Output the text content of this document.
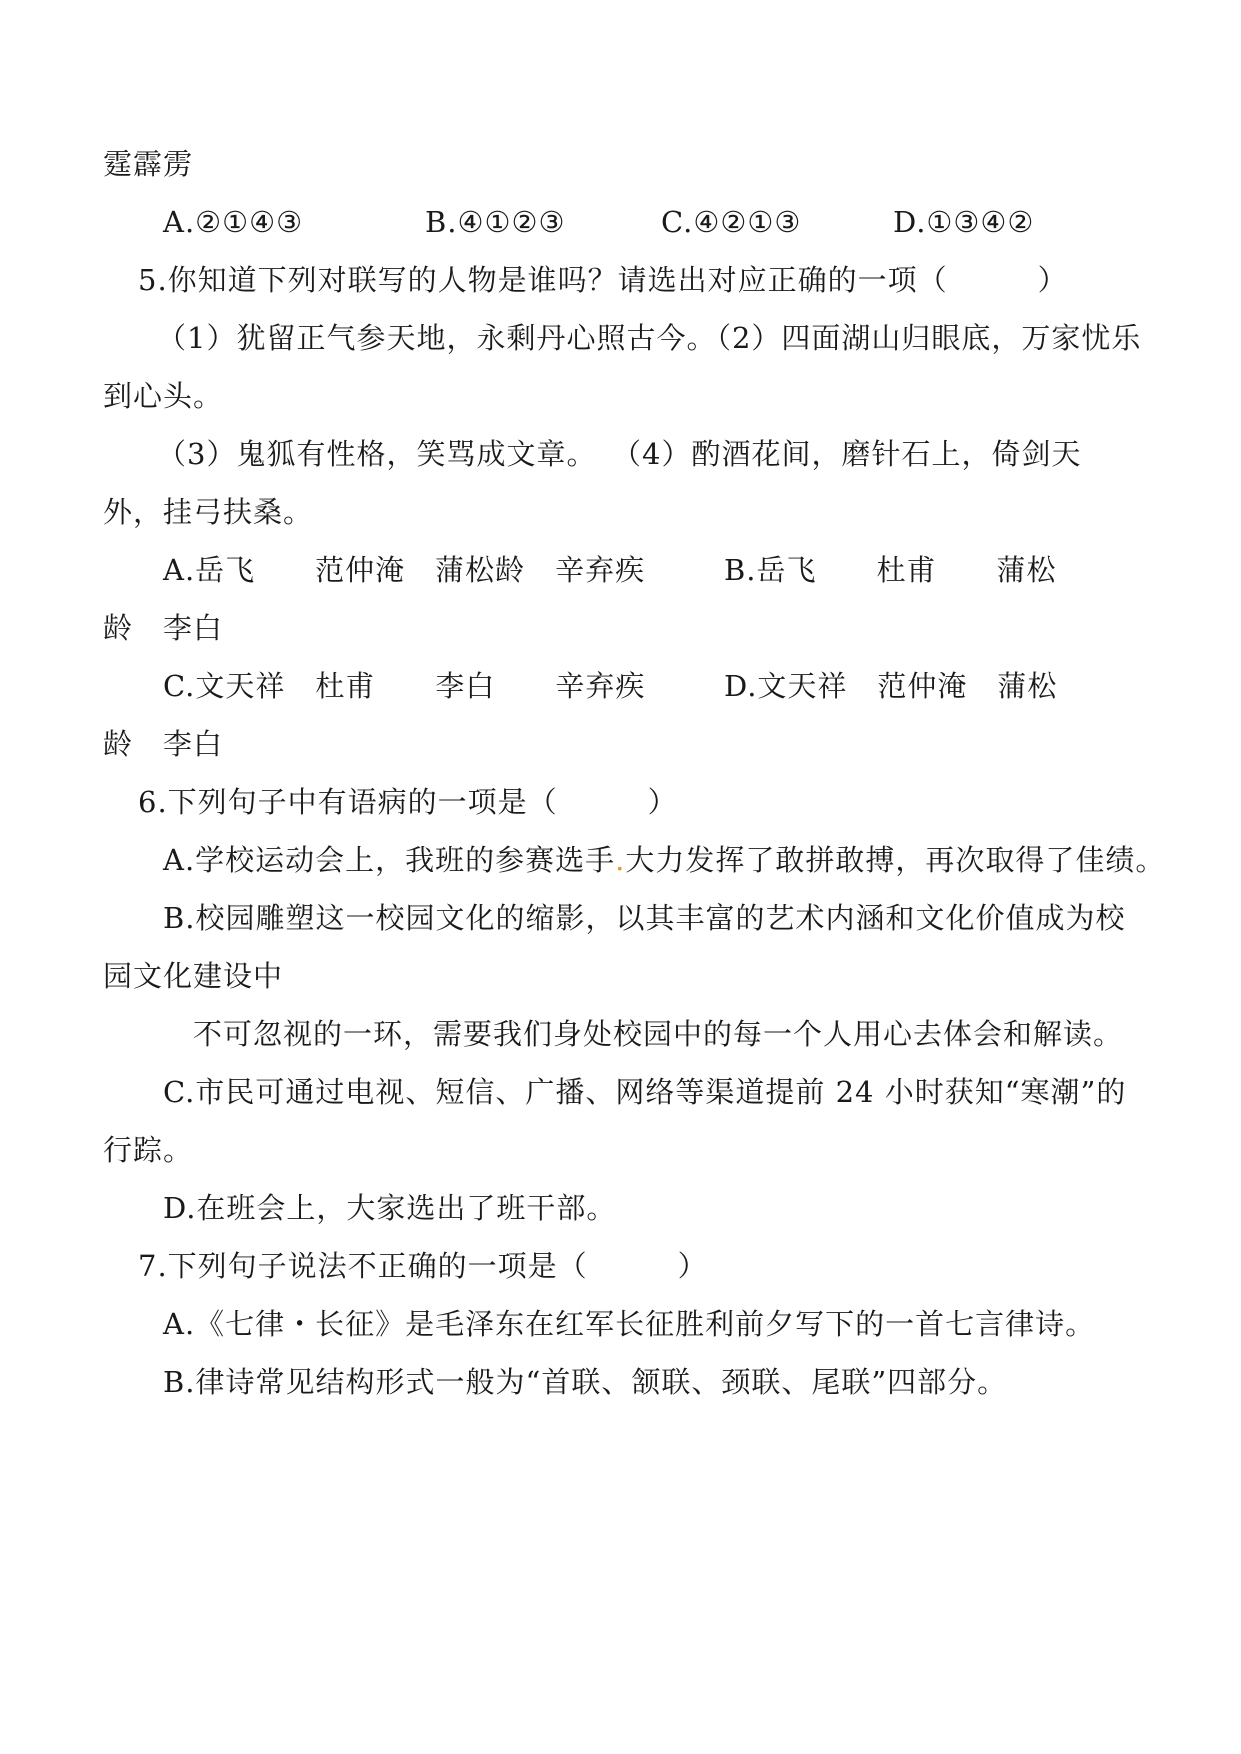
霆霹雳
A.②①④③	B.④①②③	C.④②①③	D.①③④②
5.你知道下列对联写的人物是谁吗？请选出对应正确的一项（　　　）
（1）犹留正气参天地，永剩丹心照古今。（2）四面湖山归眼底，万家忧乐
到心头。
（3）鬼狐有性格，笑骂成文章。 （4）酌酒花间，磨针石上，倚剑天
外，挂弓扶桑。
A.岳飞　　范仲淹　蒲松龄　辛弃疾	B.岳飞　　杜甫　　蒲松
龄　李白
C.文天祥　杜甫　　李白　　辛弃疾	D.文天祥　范仲淹　蒲松
龄　李白
6.下列句子中有语病的一项是（　　　）
A.学校运动会上，我班的参赛选手.大力发挥了敢拼敢搏，再次取得了佳绩。
B.校园雕塑这一校园文化的缩影，以其丰富的艺术内涵和文化价值成为校
园文化建设中
不可忽视的一环，需要我们身处校园中的每一个人用心去体会和解读。
C.市民可通过电视、短信、广播、网络等渠道提前 24 小时获知“寒潮”的
行踪。
D.在班会上，大家选出了班干部。
7.下列句子说法不正确的一项是（　　　）
A.《七律・长征》是毛泽东在红军长征胜利前夕写下的一首七言律诗。
B.律诗常见结构形式一般为“首联、颔联、颈联、尾联”四部分。
